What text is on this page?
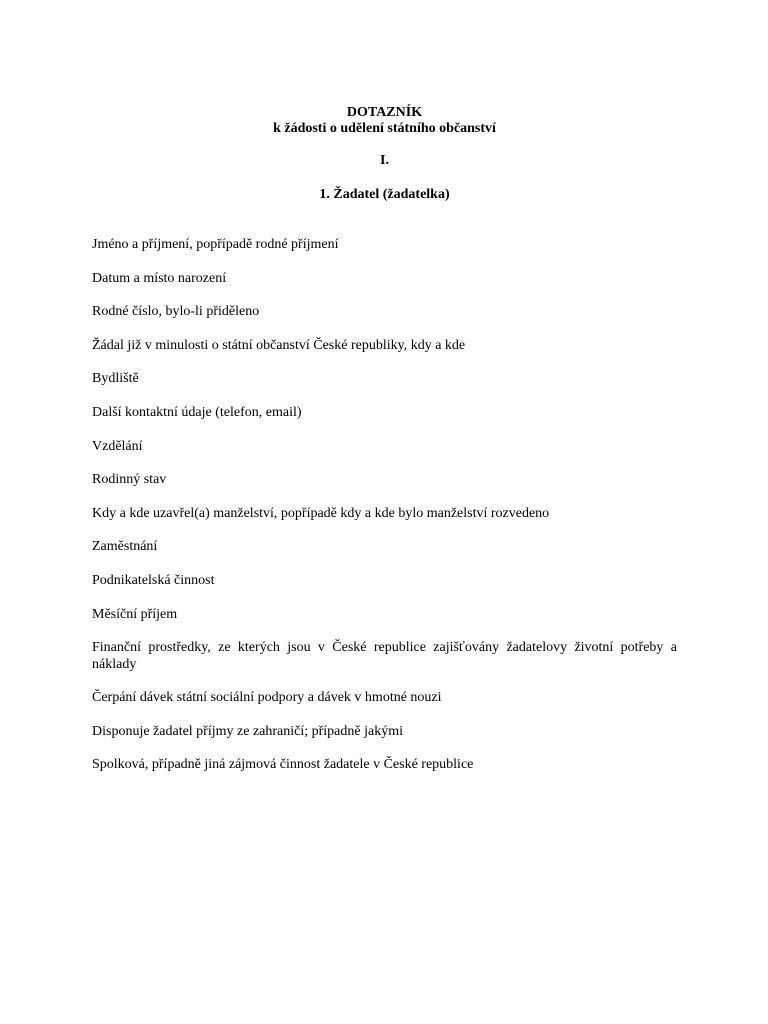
DOTAZNÍK
k žádosti o udělení státního občanství
I.
1. Žadatel (žadatelka)
Jméno a příjmení, popřípadě rodné příjmení
Datum a místo narození
Rodné číslo, bylo-li přiděleno
Žádal již v minulosti o státní občanství České republiky, kdy a kde
Bydliště
Další kontaktní údaje (telefon, email)
Vzdělání
Rodinný stav
Kdy a kde uzavřel(a) manželství, popřípadě kdy a kde bylo manželství rozvedeno
Zaměstnání
Podnikatelská činnost
Měsíční příjem
Finanční prostředky, ze kterých jsou v České republice zajišťovány žadatelovy životní potřeby a náklady
Čerpání dávek státní sociální podpory a dávek v hmotné nouzi
Disponuje žadatel příjmy ze zahraničí; případně jakými
Spolková, případně jiná zájmová činnost žadatele v České republice
